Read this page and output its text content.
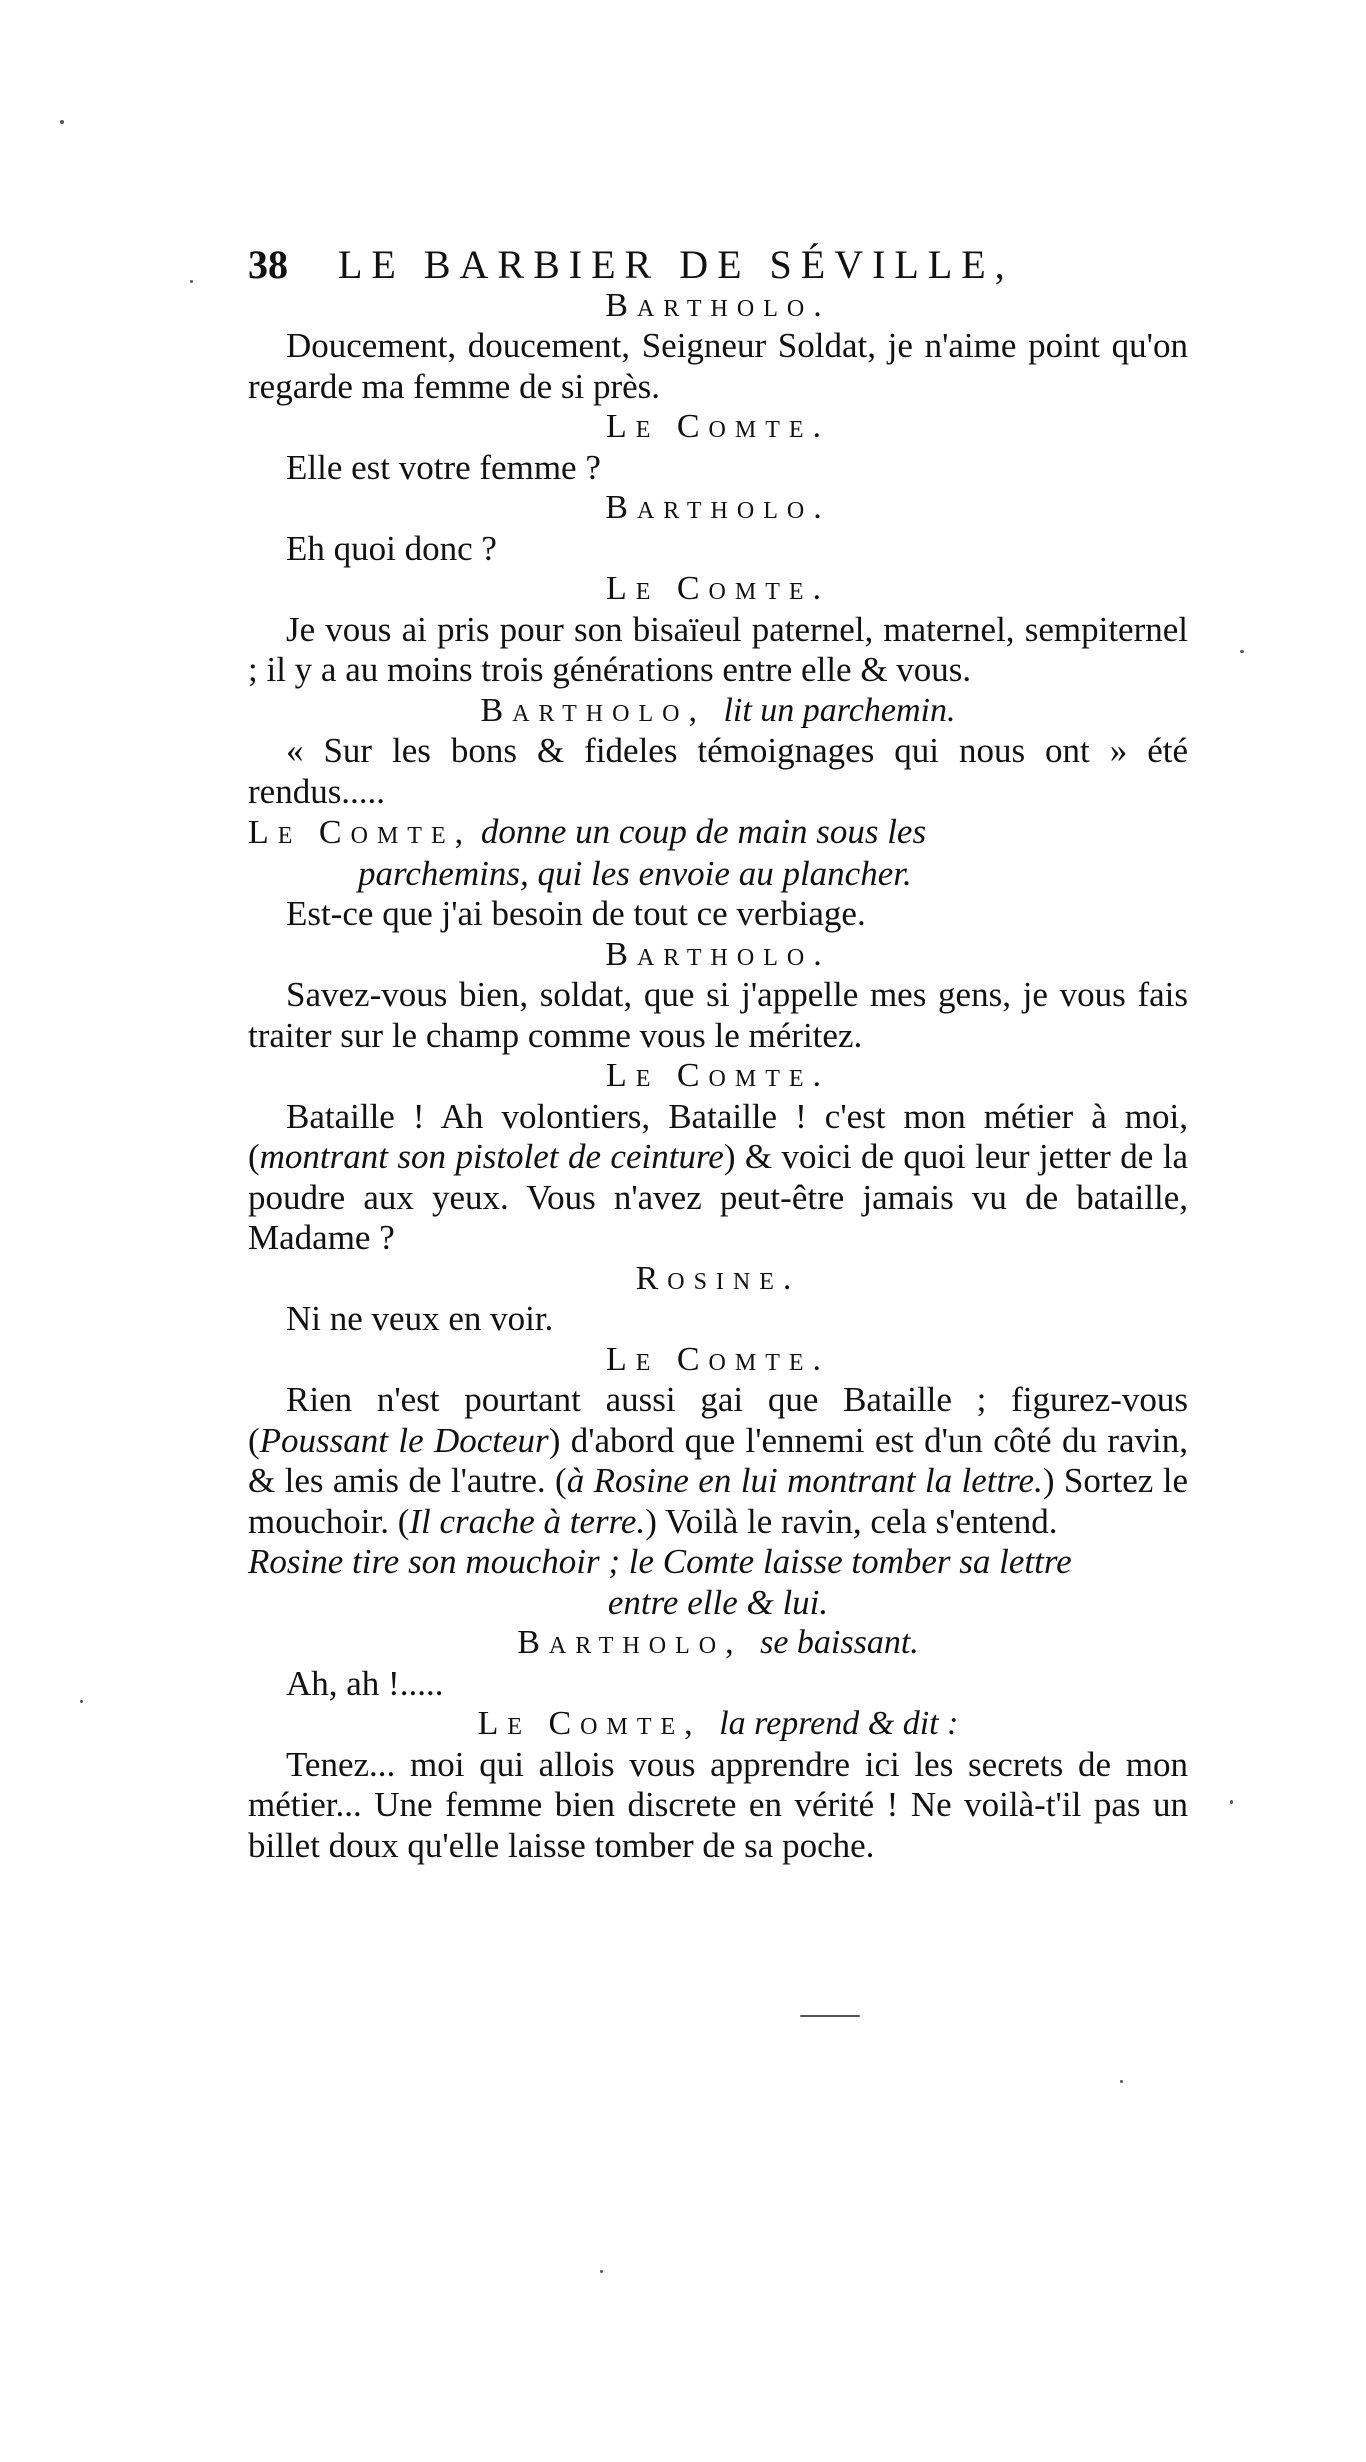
38	LE BARBIER DE SÉVILLE,
Bartholo.
Doucement, doucement, Seigneur Soldat, je n'aime point qu'on regarde ma femme de si près.
Le Comte.
Elle est votre femme ?
Bartholo.
Eh quoi donc ?
Le Comte.
Je vous ai pris pour son bisaïeul paternel, maternel, sempiternel ; il y a au moins trois générations entre elle & vous.
Bartholo, lit un parchemin.
« Sur les bons & fideles témoignages qui nous ont » été rendus.....
Le Comte, donne un coup de main sous les
parchemins, qui les envoie au plancher.
Est-ce que j'ai besoin de tout ce verbiage.
Bartholo.
Savez-vous bien, soldat, que si j'appelle mes gens, je vous fais traiter sur le champ comme vous le méritez.
Le Comte.
Bataille ! Ah volontiers, Bataille ! c'est mon métier à moi, (montrant son pistolet de ceinture) & voici de quoi leur jetter de la poudre aux yeux. Vous n'avez peut-être jamais vu de bataille, Madame ?
Rosine.
Ni ne veux en voir.
Le Comte.
Rien n'est pourtant aussi gai que Bataille ; figurez-vous (Poussant le Docteur) d'abord que l'ennemi est d'un côté du ravin, & les amis de l'autre. (à Rosine en lui montrant la lettre.) Sortez le mouchoir. (Il crache à terre.) Voilà le ravin, cela s'entend.
Rosine tire son mouchoir ; le Comte laisse tomber sa lettre
entre elle & lui.
Bartholo, se baissant.
Ah, ah !.....
Le Comte, la reprend & dit :
Tenez... moi qui allois vous apprendre ici les secrets de mon métier... Une femme bien discrete en vérité ! Ne voilà-t'il pas un billet doux qu'elle laisse tomber de sa poche.
